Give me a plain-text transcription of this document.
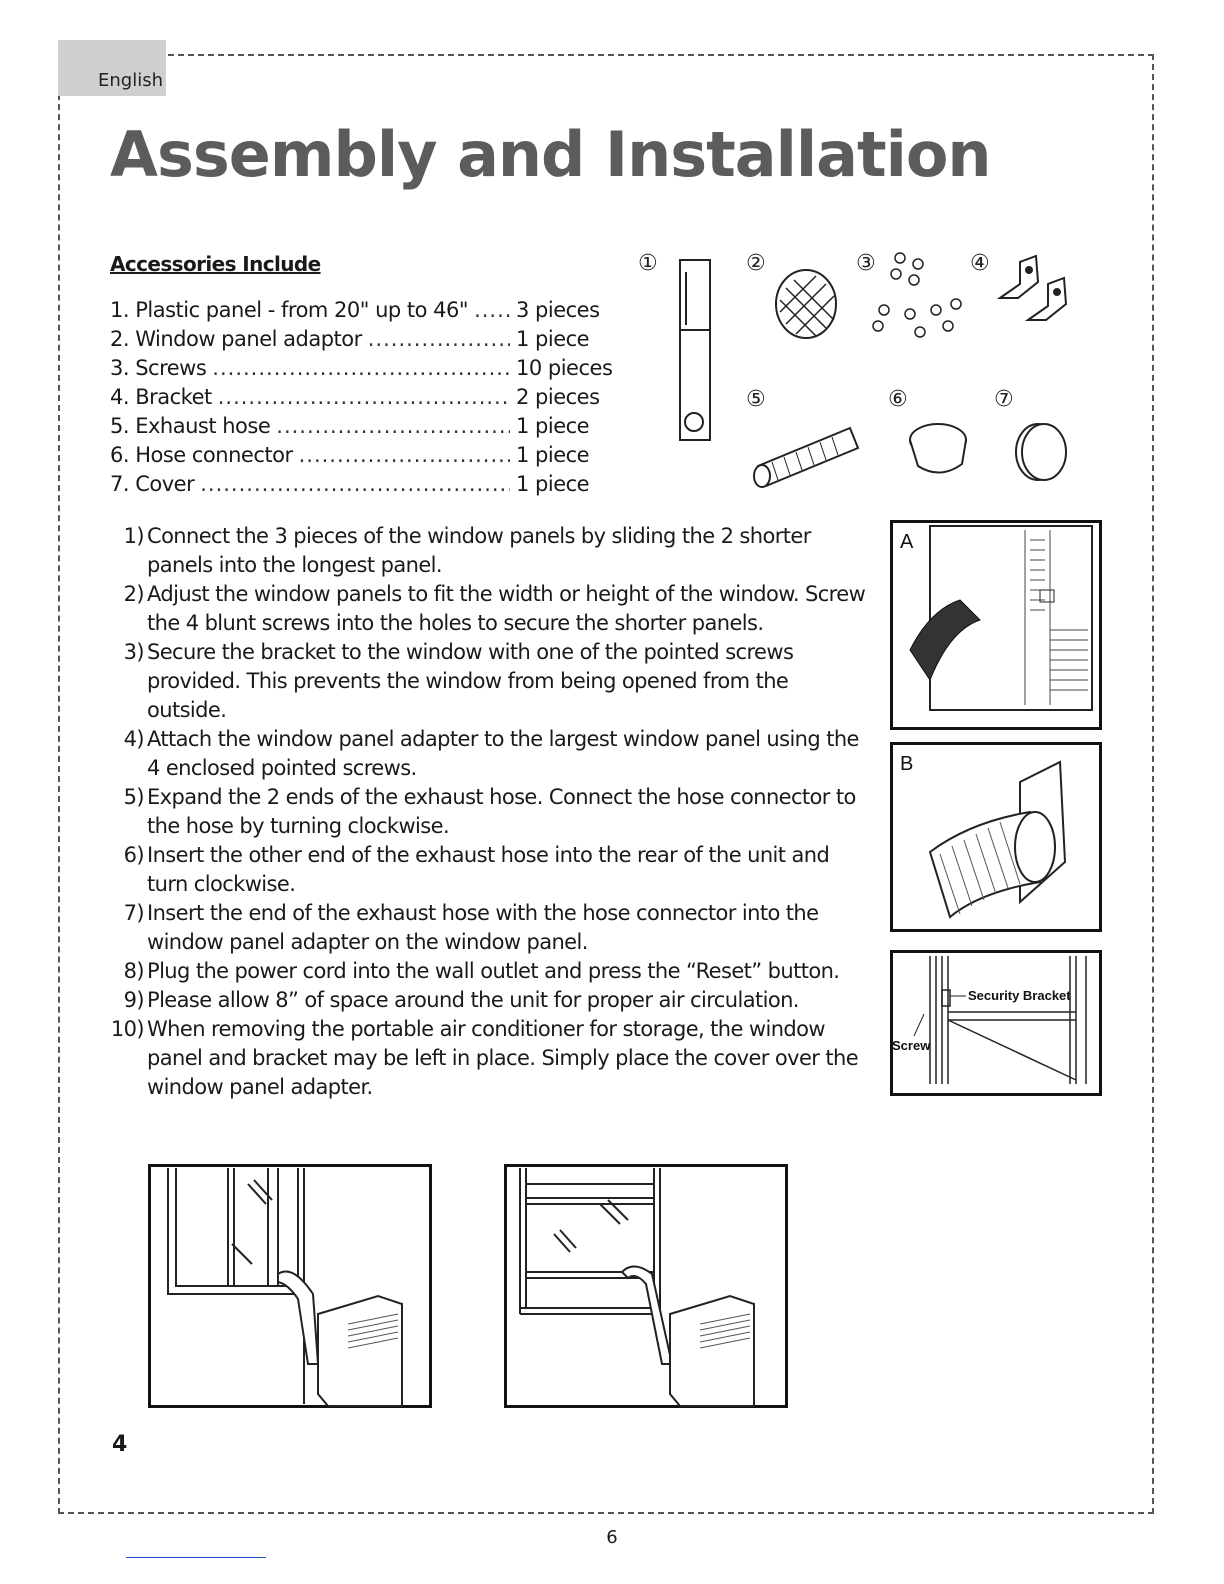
English
Assembly and Installation
Accessories Include
1. Plastic panel - from 20" up to 46" ..... 3 pieces
2. Window panel adaptor .....	1 piece
3. Screws .....	10 pieces
4. Bracket .....	2 pieces
5. Exhaust hose .....	1 piece
6. Hose connector .....	1 piece
7. Cover .....	1 piece
①	②	③	④
⑤	⑥	⑦
1) Connect the 3 pieces of the window panels by sliding the 2 shorter panels into the longest panel.
2) Adjust the window panels to fit the width or height of the window. Screw the 4 blunt screws into the holes to secure the shorter panels.
3) Secure the bracket to the window with one of the pointed screws provided. This prevents the window from being opened from the outside.
4) Attach the window panel adapter to the largest window panel using the 4 enclosed pointed screws.
5) Expand the 2 ends of the exhaust hose. Connect the hose connector to the hose by turning clockwise.
6) Insert the other end of the exhaust hose into the rear of the unit and turn clockwise.
7) Insert the end of the exhaust hose with the hose connector into the window panel adapter on the window panel.
8) Plug the power cord into the wall outlet and press the “Reset” button.
9) Please allow 8” of space around the unit for proper air circulation.
10) When removing the portable air conditioner for storage, the window panel and bracket may be left in place. Simply place the cover over the window panel adapter.
A
B
Security Bracket
Screw
4
6
